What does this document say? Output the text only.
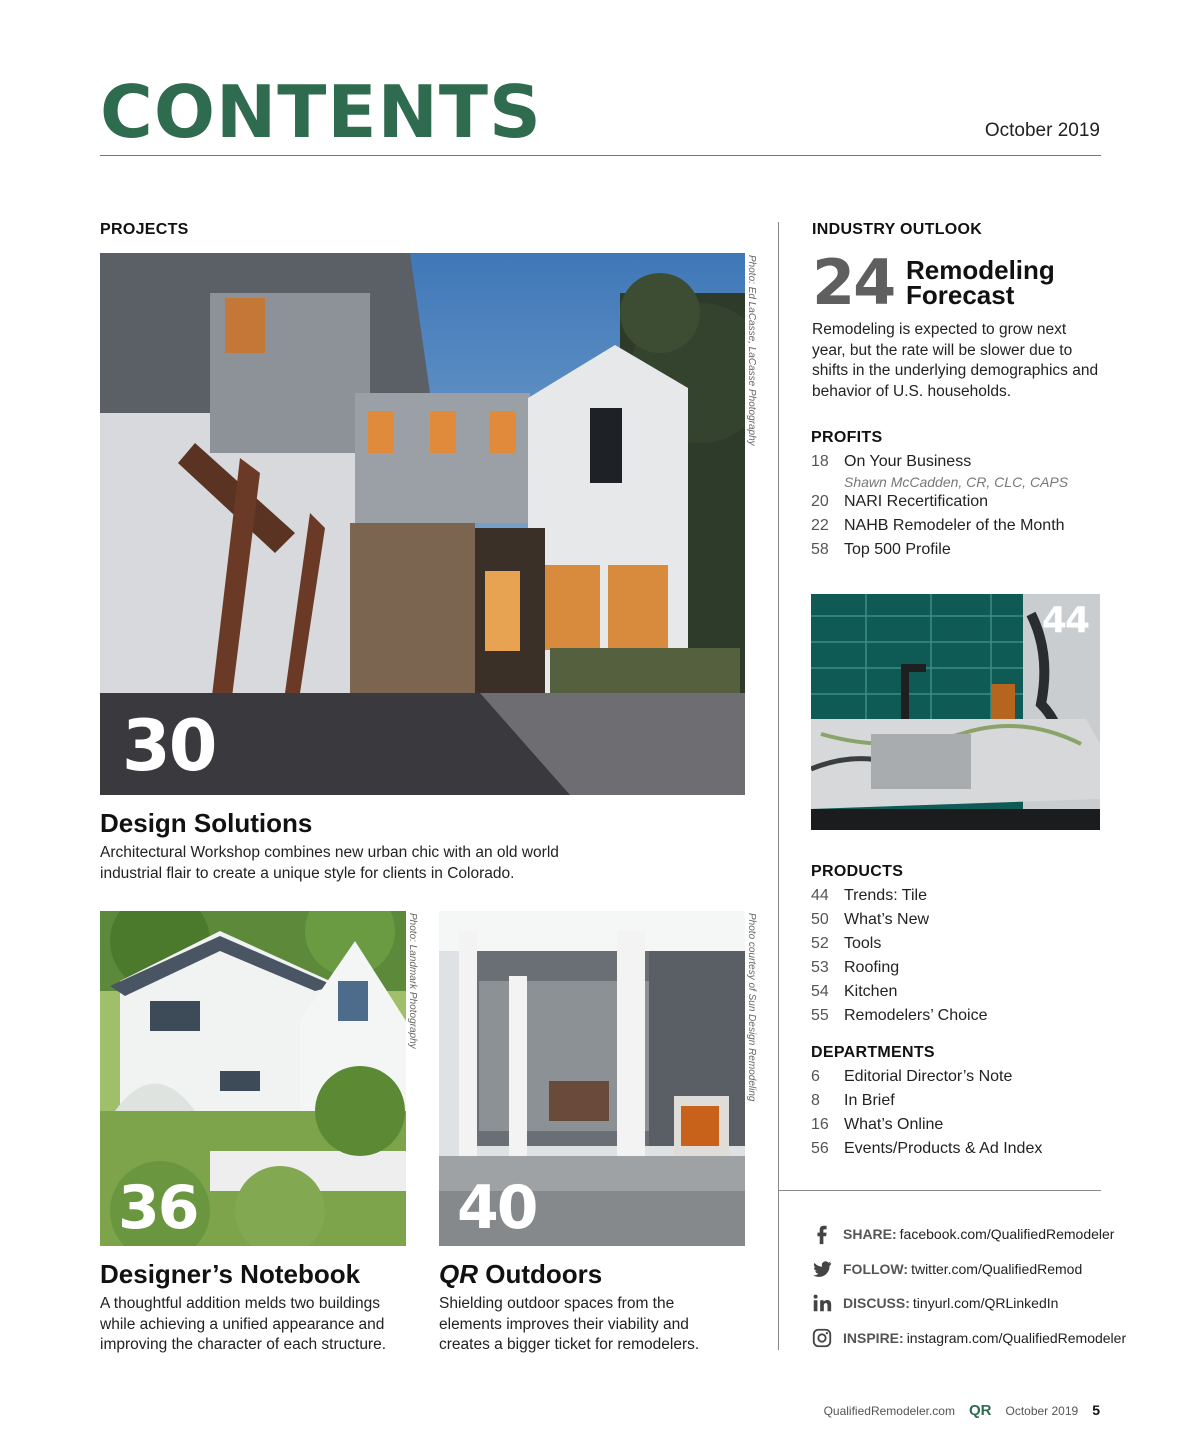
CONTENTS	October 2019
PROJECTS
30
Photo: Ed LaCasse, LaCasse Photography
Design Solutions
Architectural Workshop combines new urban chic with an old world industrial flair to create a unique style for clients in Colorado.
36
Photo: Landmark Photography
Designer’s Notebook
A thoughtful addition melds two buildings while achieving a unified appearance and improving the character of each structure.
40
Photo courtesy of Sun Design Remodeling
QR Outdoors
Shielding outdoor spaces from the elements improves their viability and creates a bigger ticket for remodelers.
INDUSTRY OUTLOOK
24 Remodeling Forecast
Remodeling is expected to grow next year, but the rate will be slower due to shifts in the underlying demographics and behavior of U.S. households.
PROFITS
18 On Your Business
Shawn McCadden, CR, CLC, CAPS
20 NARI Recertification
22 NAHB Remodeler of the Month
58 Top 500 Profile
44
PRODUCTS
44 Trends: Tile
50 What’s New
52 Tools
53 Roofing
54 Kitchen
55 Remodelers’ Choice
DEPARTMENTS
6 Editorial Director’s Note
8 In Brief
16 What’s Online
56 Events/Products & Ad Index
SHARE: facebook.com/QualifiedRemodeler
FOLLOW: twitter.com/QualifiedRemod
DISCUSS: tinyurl.com/QRLinkedIn
INSPIRE: instagram.com/QualifiedRemodeler
QualifiedRemodeler.com QR October 2019 5
